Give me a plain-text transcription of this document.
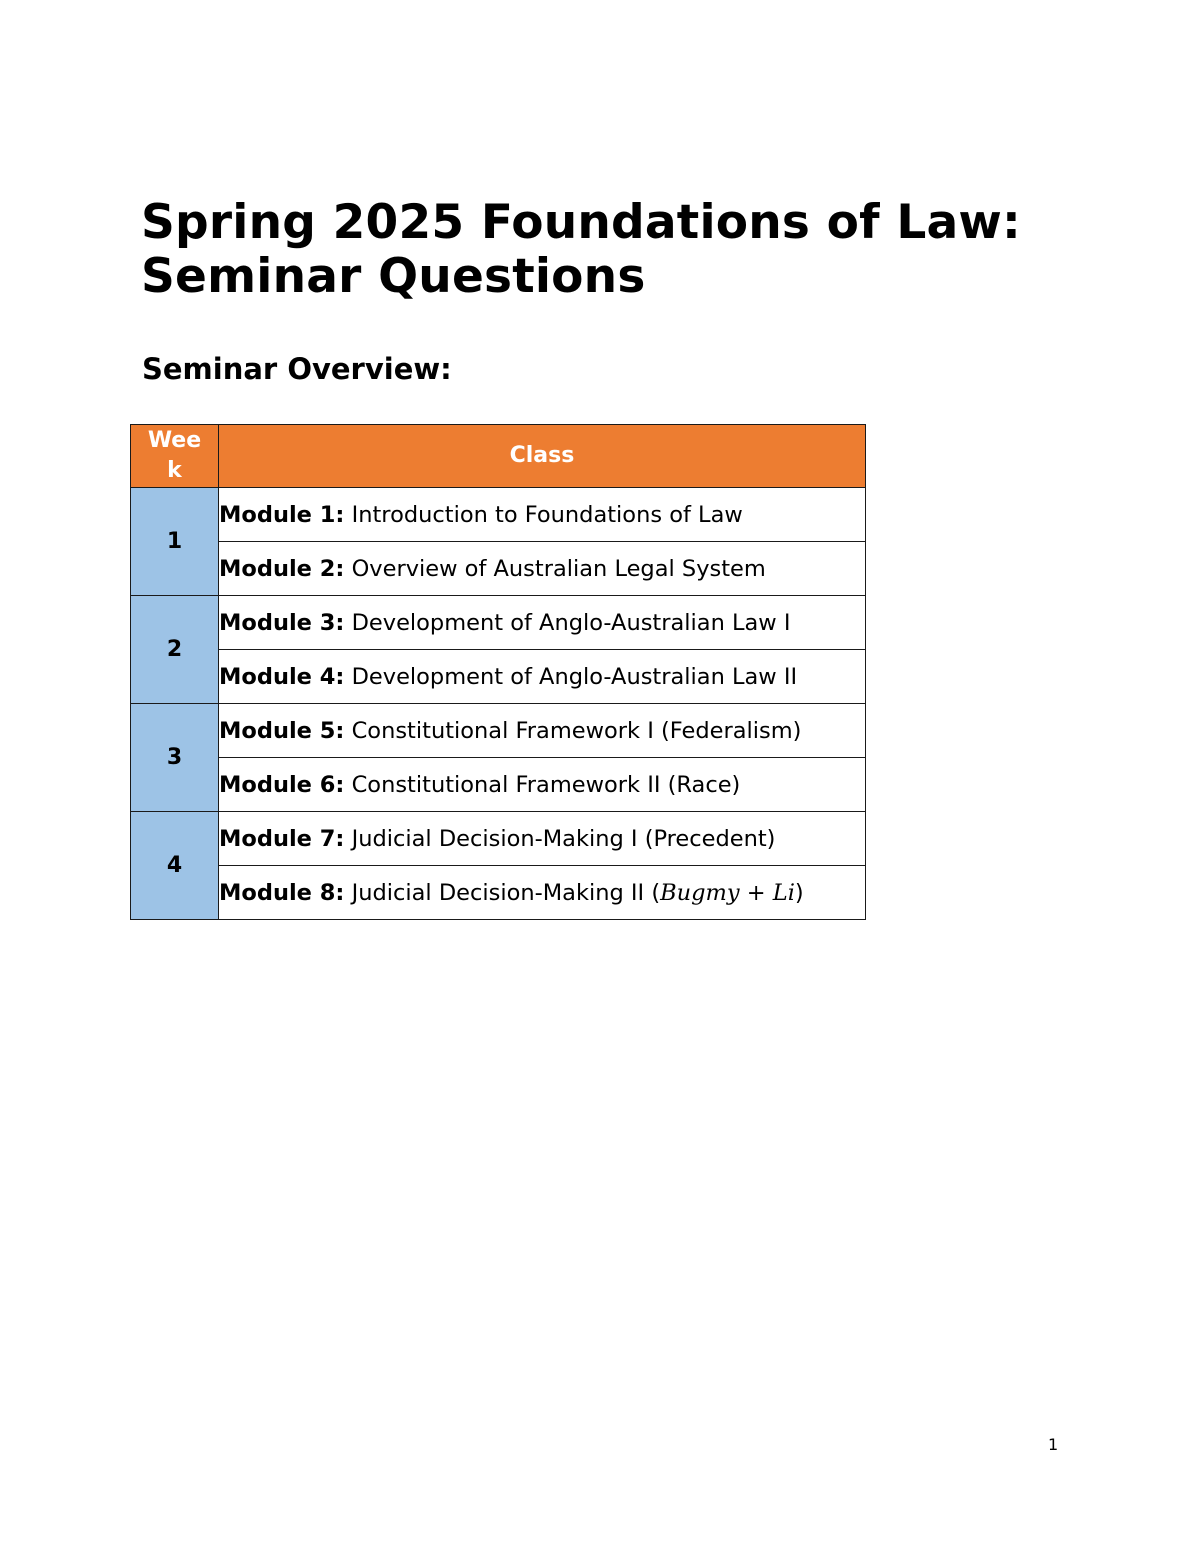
Spring 2025 Foundations of Law:
Seminar Questions
Seminar Overview:
Week	Class
1	Module 1: Introduction to Foundations of Law
	Module 2: Overview of Australian Legal System
2	Module 3: Development of Anglo-Australian Law I
	Module 4: Development of Anglo-Australian Law II
3	Module 5: Constitutional Framework I (Federalism)
	Module 6: Constitutional Framework II (Race)
4	Module 7: Judicial Decision-Making I (Precedent)
	Module 8: Judicial Decision-Making II (Bugmy + Li)
1
